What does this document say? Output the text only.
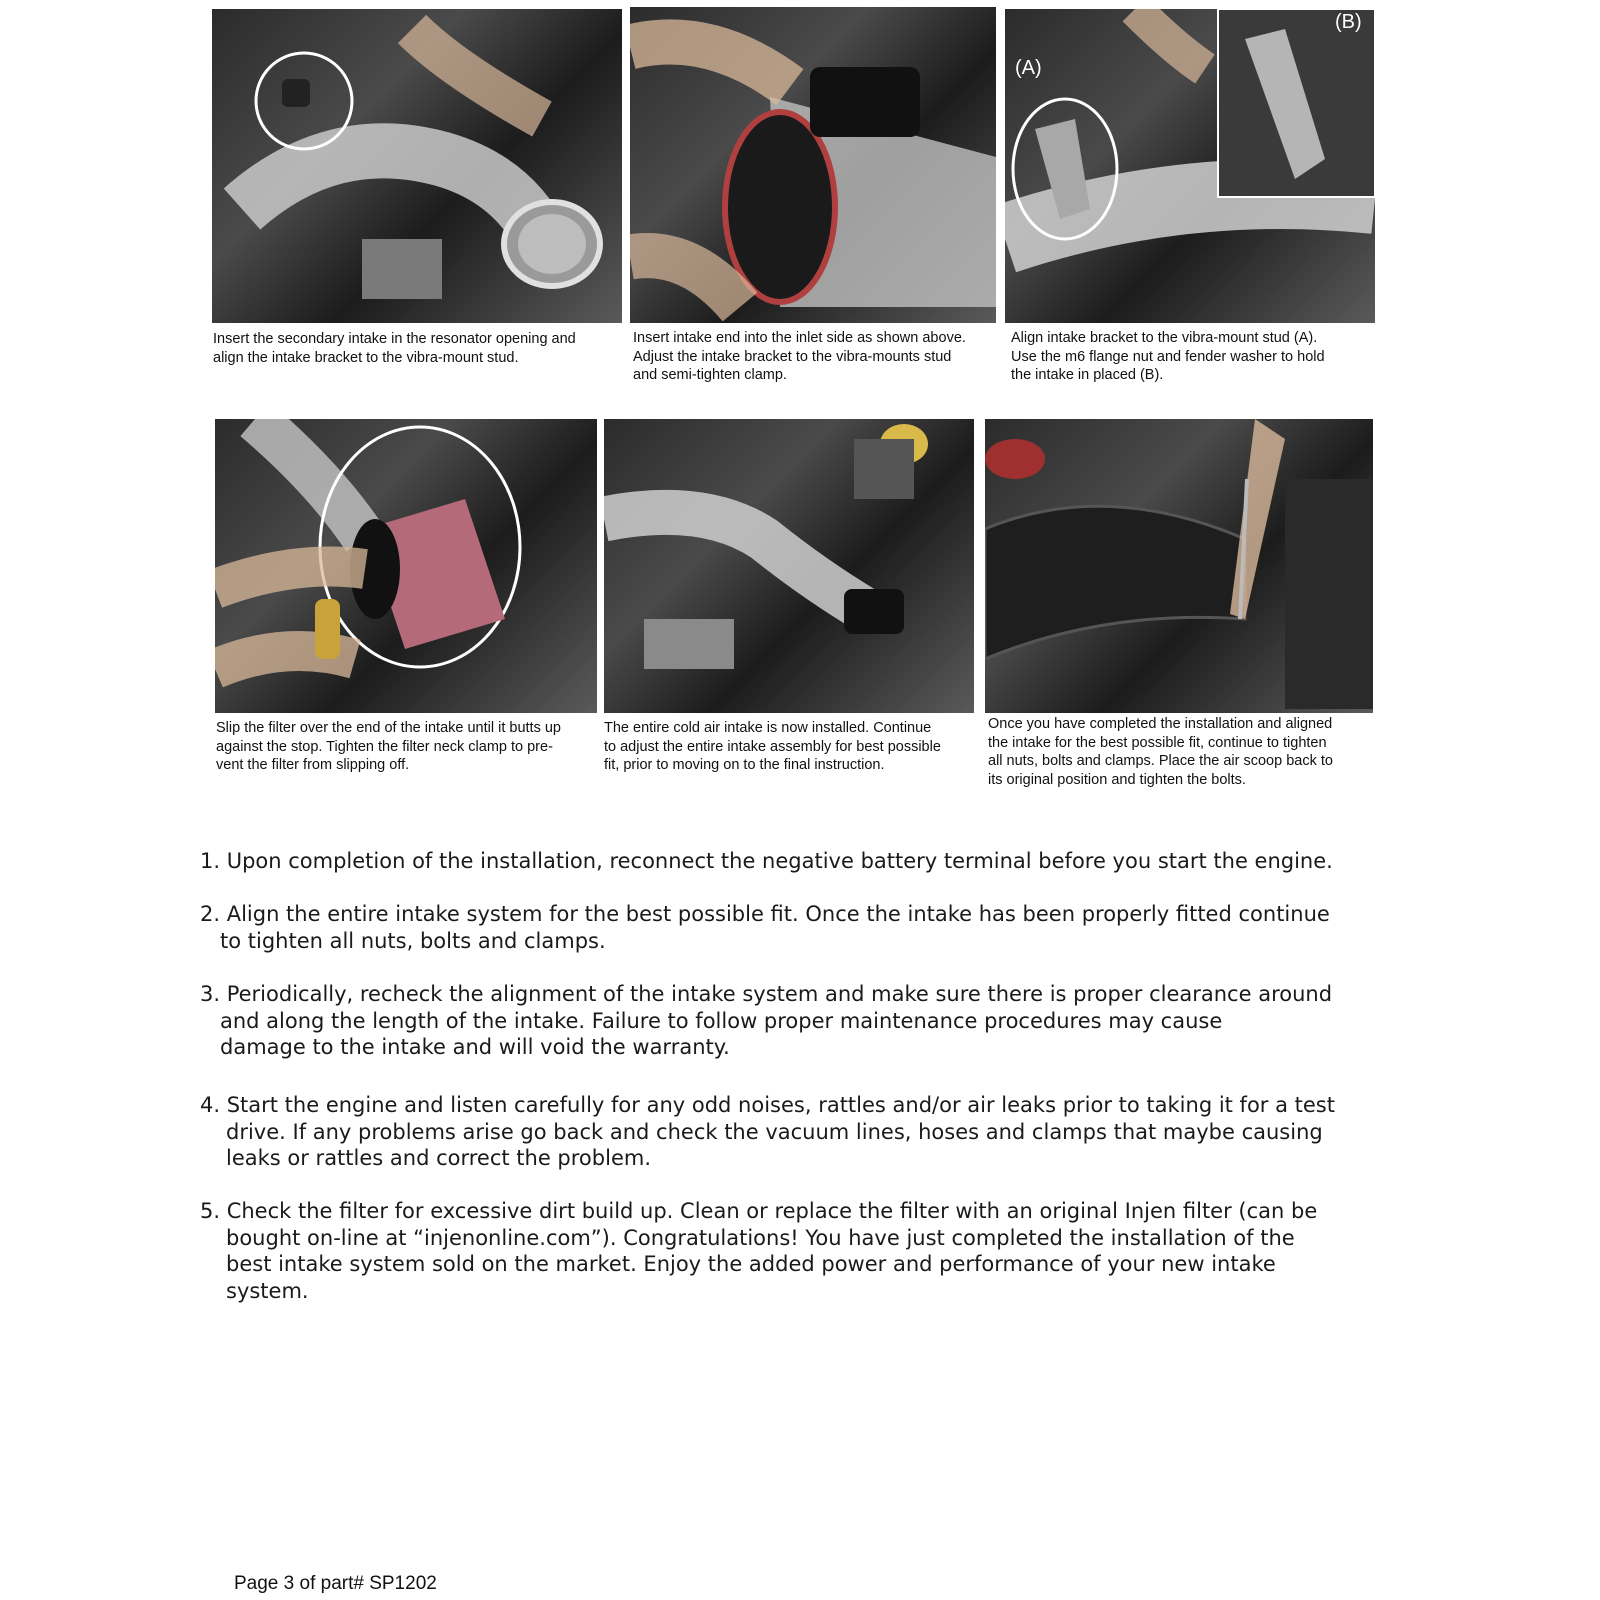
Insert the secondary intake in the resonator opening and
align the intake bracket to the vibra-mount stud.
Insert intake end into the inlet side as shown above.
Adjust the intake bracket to the vibra-mounts stud
and semi-tighten clamp.
(A)
(B)
Align intake bracket to the vibra-mount stud (A).
Use the m6 flange nut and fender washer to hold
the intake in placed (B).
Slip the filter over the end of the intake until it butts up
against the stop. Tighten the filter neck clamp to pre-
vent the filter from slipping off.
The entire cold air intake is now installed. Continue
to adjust the entire intake assembly for best possible
fit, prior to moving on to the final instruction.
Once you have completed the installation and aligned
the intake for the best possible fit, continue to tighten
all nuts, bolts and clamps. Place the air scoop back to
its original position and tighten the bolts.
1. Upon completion of the installation, reconnect the negative battery terminal before you start the engine.
2. Align the entire intake system for the best possible fit. Once the intake has been properly fitted continue
to tighten all nuts, bolts and clamps.
3. Periodically, recheck the alignment of the intake system and make sure there is proper clearance around
and along the length of the intake. Failure to follow proper maintenance procedures may cause
damage to the intake and will void the warranty.
4. Start the engine and listen carefully for any odd noises, rattles and/or air leaks prior to taking it for a test
drive. If any problems arise go back and check the vacuum lines, hoses and clamps that maybe causing
leaks or rattles and correct the problem.
5. Check the filter for excessive dirt build up. Clean or replace the filter with an original Injen filter (can be
bought on-line at “injenonline.com”). Congratulations! You have just completed the installation of the
best intake system sold on the market. Enjoy the added power and performance of your new intake
system.
Page 3 of part# SP1202
